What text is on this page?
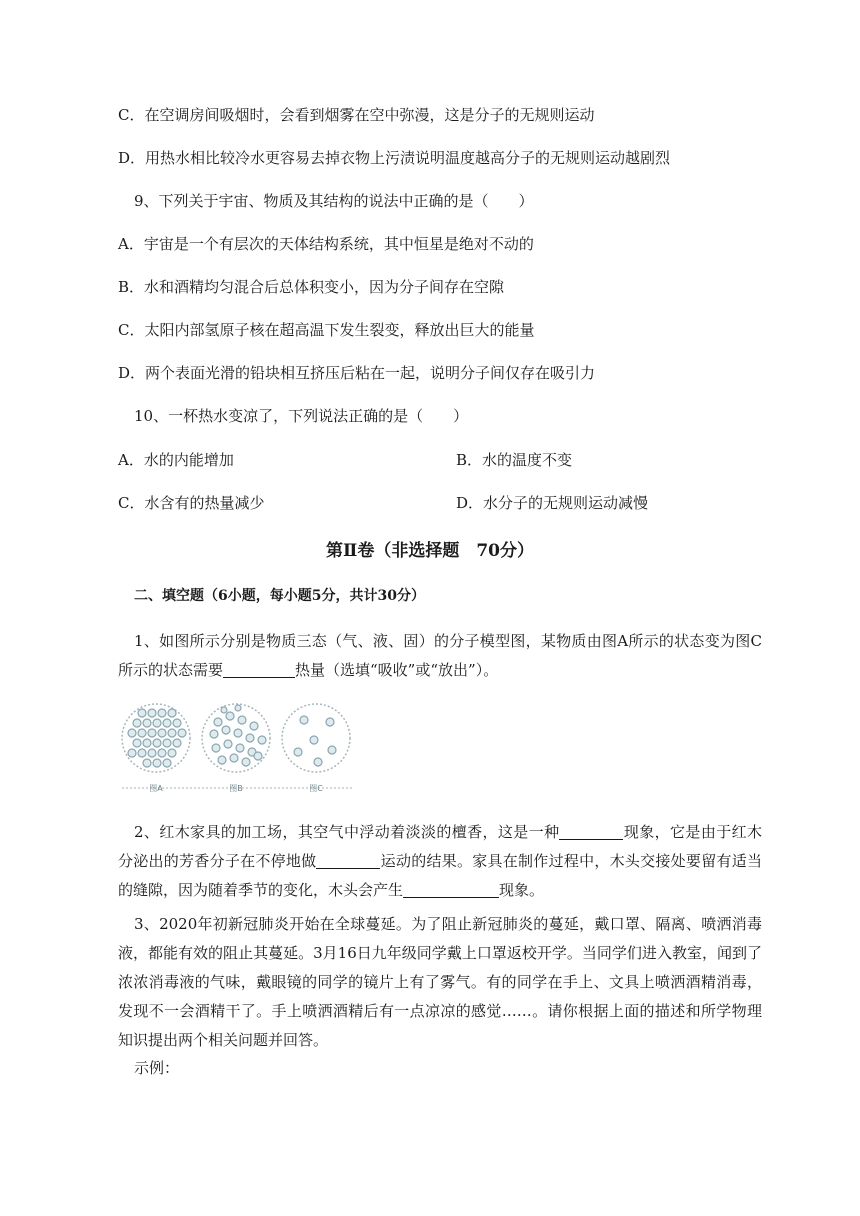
C．在空调房间吸烟时，会看到烟雾在空中弥漫，这是分子的无规则运动
D．用热水相比较冷水更容易去掉衣物上污渍说明温度越高分子的无规则运动越剧烈
9、下列关于宇宙、物质及其结构的说法中正确的是（　　）
A．宇宙是一个有层次的天体结构系统，其中恒星是绝对不动的
B．水和酒精均匀混合后总体积变小，因为分子间存在空隙
C．太阳内部氢原子核在超高温下发生裂变，释放出巨大的能量
D．两个表面光滑的铅块相互挤压后粘在一起，说明分子间仅存在吸引力
10、一杯热水变凉了，下列说法正确的是（　　）
A．水的内能增加	B．水的温度不变
C．水含有的热量减少	D．水分子的无规则运动减慢
第Ⅱ卷（非选择题　70分）
二、填空题（6小题，每小题5分，共计30分）
1、如图所示分别是物质三态（气、液、固）的分子模型图，某物质由图A所示的状态变为图C所示的状态需要	热量（选填“吸收”或“放出”）。
图A	图B	图C
2、红木家具的加工场，其空气中浮动着淡淡的檀香，这是一种	现象，它是由于红木分泌出的芳香分子在不停地做	运动的结果。家具在制作过程中，木头交接处要留有适当的缝隙，因为随着季节的变化，木头会产生	现象。
3、2020年初新冠肺炎开始在全球蔓延。为了阻止新冠肺炎的蔓延，戴口罩、隔离、喷洒消毒液，都能有效的阻止其蔓延。3月16日九年级同学戴上口罩返校开学。当同学们进入教室，闻到了浓浓消毒液的气味，戴眼镜的同学的镜片上有了雾气。有的同学在手上、文具上喷洒酒精消毒，发现不一会酒精干了。手上喷洒酒精后有一点凉凉的感觉……。请你根据上面的描述和所学物理知识提出两个相关问题并回答。
示例：
